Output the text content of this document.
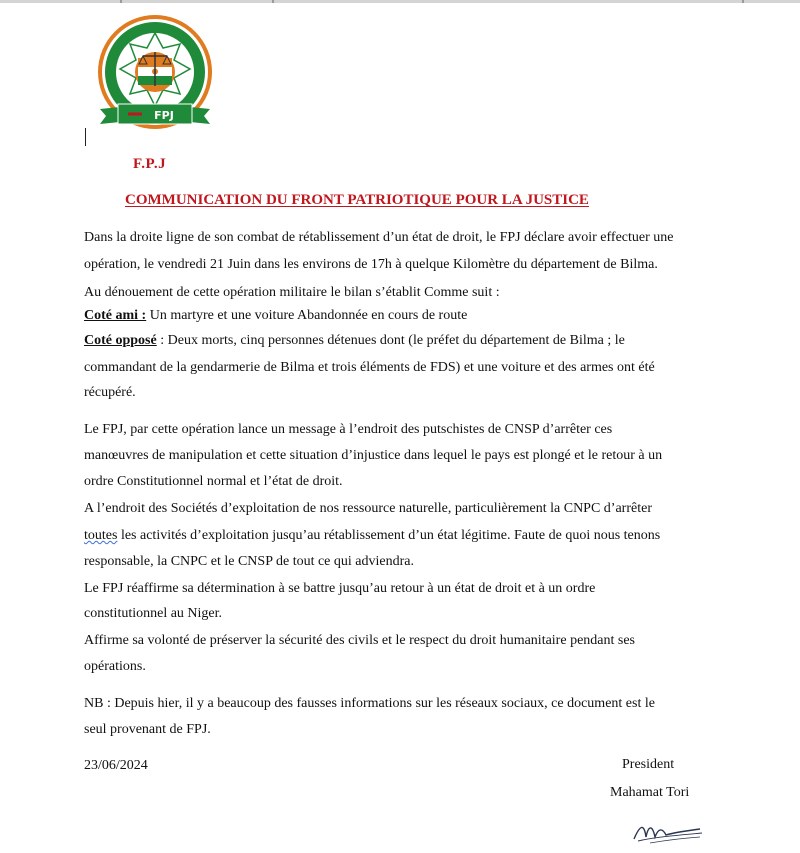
FRONT PATRIOTIQUE POUR LA JUSTICE
FPJ
F.P.J
COMMUNICATION DU FRONT PATRIOTIQUE POUR LA JUSTICE
Dans la droite ligne de son combat de rétablissement d’un état de droit, le FPJ déclare avoir effectuer une
opération, le vendredi 21 Juin dans les environs de 17h à quelque Kilomètre du département de Bilma.
Au dénouement de cette opération militaire le bilan s’établit Comme suit :
Coté ami : Un martyre et une voiture Abandonnée en cours de route
Coté opposé : Deux morts, cinq personnes détenues dont (le préfet du département de Bilma ; le
commandant de la gendarmerie de Bilma et trois éléments de FDS) et une voiture et des armes ont été
récupéré.
Le FPJ, par cette opération lance un message à l’endroit des putschistes de CNSP d’arrêter ces
manœuvres de manipulation et cette situation d’injustice dans lequel le pays est plongé et le retour à un
ordre Constitutionnel normal et l’état de droit.
A l’endroit des Sociétés d’exploitation de nos ressource naturelle, particulièrement la CNPC d’arrêter
toutes les activités d’exploitation jusqu’au rétablissement d’un état légitime. Faute de quoi nous tenons
responsable, la CNPC et le CNSP de tout ce qui adviendra.
Le FPJ réaffirme sa détermination à se battre jusqu’au retour à un état de droit et à un ordre
constitutionnel au Niger.
Affirme sa volonté de préserver la sécurité des civils et le respect du droit humanitaire pendant ses
opérations.
NB : Depuis hier, il y a beaucoup des fausses informations sur les réseaux sociaux, ce document est le
seul provenant de FPJ.
23/06/2024	President
Mahamat Tori
